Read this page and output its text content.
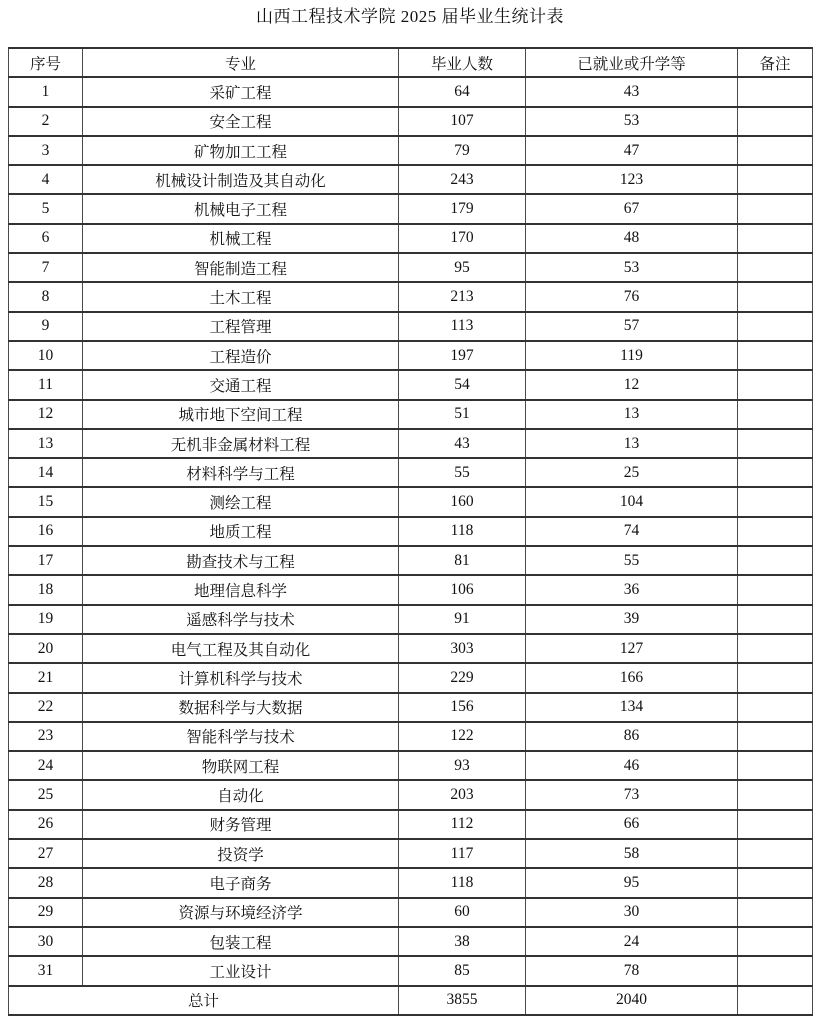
山西工程技术学院 2025 届毕业生统计表
序号	专业	毕业人数	已就业或升学等	备注
1	采矿工程	64	43	
2	安全工程	107	53	
3	矿物加工工程	79	47	
4	机械设计制造及其自动化	243	123	
5	机械电子工程	179	67	
6	机械工程	170	48	
7	智能制造工程	95	53	
8	土木工程	213	76	
9	工程管理	113	57	
10	工程造价	197	119	
11	交通工程	54	12	
12	城市地下空间工程	51	13	
13	无机非金属材料工程	43	13	
14	材料科学与工程	55	25	
15	测绘工程	160	104	
16	地质工程	118	74	
17	勘查技术与工程	81	55	
18	地理信息科学	106	36	
19	遥感科学与技术	91	39	
20	电气工程及其自动化	303	127	
21	计算机科学与技术	229	166	
22	数据科学与大数据	156	134	
23	智能科学与技术	122	86	
24	物联网工程	93	46	
25	自动化	203	73	
26	财务管理	112	66	
27	投资学	117	58	
28	电子商务	118	95	
29	资源与环境经济学	60	30	
30	包装工程	38	24	
31	工业设计	85	78	
总计		3855	2040	
